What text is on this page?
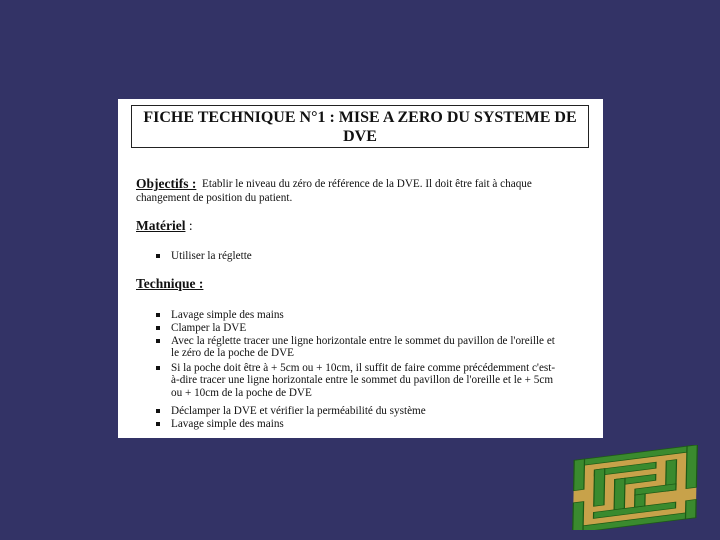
FICHE TECHNIQUE N°1 : MISE A ZERO DU SYSTEME DE
DVE
Objectifs : Etablir le niveau du zéro de référence de la DVE. Il doit être fait à chaque
changement de position du patient.
Matériel :
Utiliser la réglette
Technique :
Lavage simple des mains
Clamper la DVE
Avec la réglette tracer une ligne horizontale entre le sommet du pavillon de l'oreille et
le zéro de la poche de DVE
Si la poche doit être à + 5cm ou + 10cm, il suffit de faire comme précédemment c'est-
à-dire tracer une ligne horizontale entre le sommet du pavillon de l'oreille et le + 5cm
ou + 10cm de la poche de DVE
Déclamper la DVE et vérifier la perméabilité du système
Lavage simple des mains
